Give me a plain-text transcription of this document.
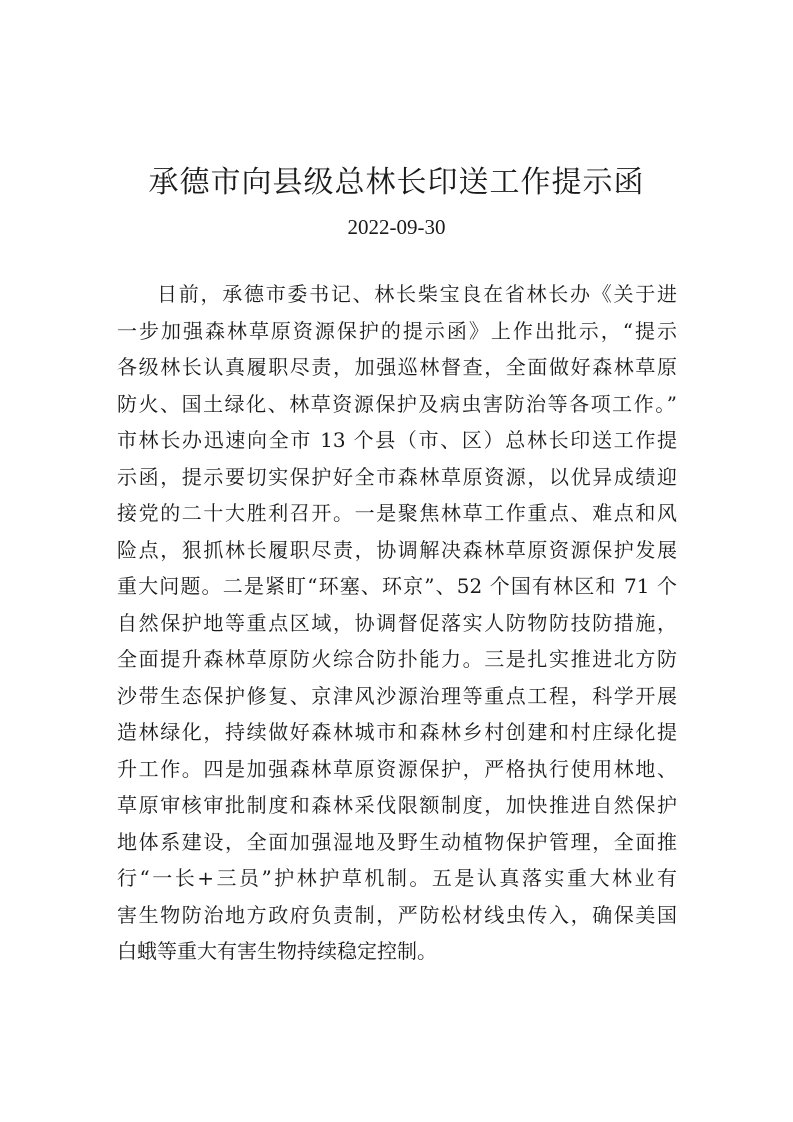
承德市向县级总林长印送工作提示函
2022-09-30
日前，承德市委书记、林长柴宝良在省林长办《关于进
一步加强森林草原资源保护的提示函》上作出批示，“提示
各级林长认真履职尽责，加强巡林督查，全面做好森林草原
防火、国土绿化、林草资源保护及病虫害防治等各项工作。”
市林长办迅速向全市 13 个县（市、区）总林长印送工作提
示函，提示要切实保护好全市森林草原资源，以优异成绩迎
接党的二十大胜利召开。一是聚焦林草工作重点、难点和风
险点，狠抓林长履职尽责，协调解决森林草原资源保护发展
重大问题。二是紧盯“环塞、环京”、52 个国有林区和 71 个
自然保护地等重点区域，协调督促落实人防物防技防措施，
全面提升森林草原防火综合防扑能力。三是扎实推进北方防
沙带生态保护修复、京津风沙源治理等重点工程，科学开展
造林绿化，持续做好森林城市和森林乡村创建和村庄绿化提
升工作。四是加强森林草原资源保护，严格执行使用林地、
草原审核审批制度和森林采伐限额制度，加快推进自然保护
地体系建设，全面加强湿地及野生动植物保护管理，全面推
行“一长+三员”护林护草机制。五是认真落实重大林业有
害生物防治地方政府负责制，严防松材线虫传入，确保美国
白蛾等重大有害生物持续稳定控制。
